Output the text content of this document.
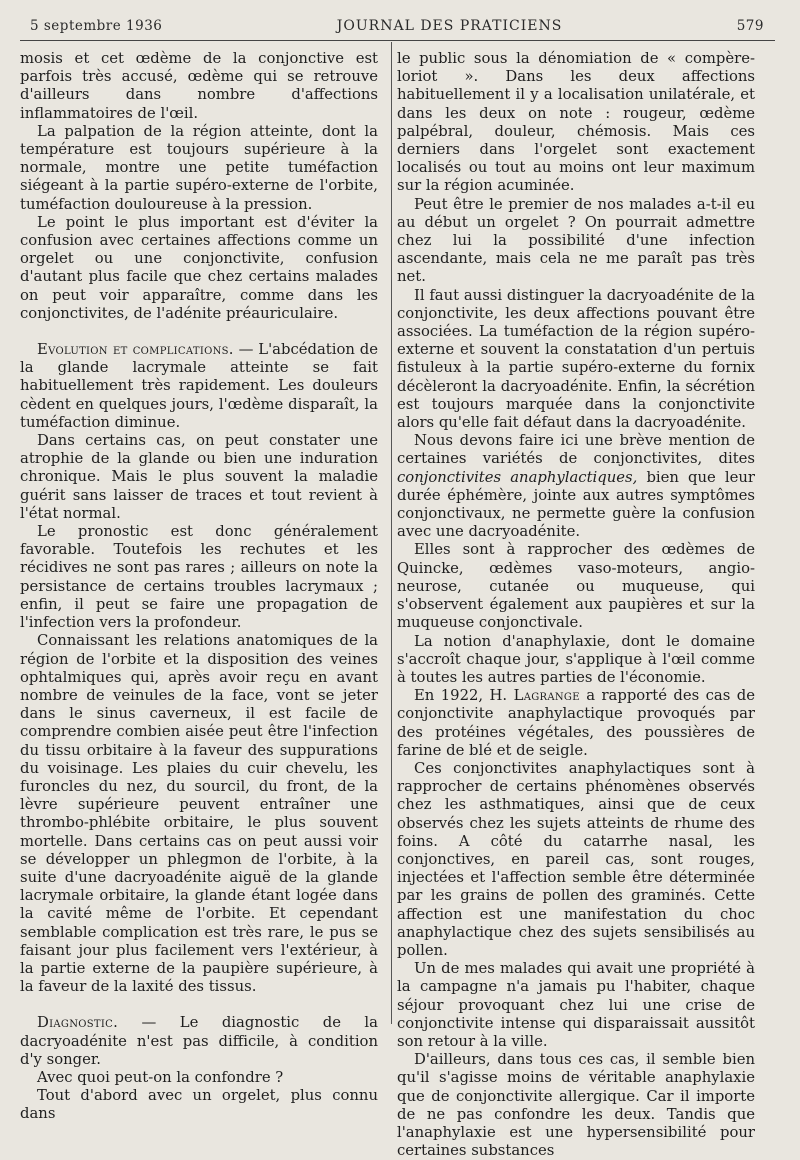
5 septembre 1936	JOURNAL DES PRATICIENS	579

mosis et cet œdème de la conjonctive est parfois très accusé, œdème qui se retrouve d'ailleurs dans nombre d'affections inflammatoires de l'œil.

La palpation de la région atteinte, dont la température est toujours supérieure à la normale, montre une petite tuméfaction siégeant à la partie supéro-externe de l'orbite, tuméfaction douloureuse à la pression.

Le point le plus important est d'éviter la confusion avec certaines affections comme un orgelet ou une conjonctivite, confusion d'autant plus facile que chez certains malades on peut voir apparaître, comme dans les conjonctivites, de l'adénite préauriculaire.

Evolution et complications. — L'abcédation de la glande lacrymale atteinte se fait habituellement très rapidement. Les douleurs cèdent en quelques jours, l'œdème disparaît, la tuméfaction diminue.

Dans certains cas, on peut constater une atrophie de la glande ou bien une induration chronique. Mais le plus souvent la maladie guérit sans laisser de traces et tout revient à l'état normal.

Le pronostic est donc généralement favorable. Toutefois les rechutes et les récidives ne sont pas rares ; ailleurs on note la persistance de certains troubles lacrymaux ; enfin, il peut se faire une propagation de l'infection vers la profondeur.

Connaissant les relations anatomiques de la région de l'orbite et la disposition des veines ophtalmiques qui, après avoir reçu en avant nombre de veinules de la face, vont se jeter dans le sinus caverneux, il est facile de comprendre combien aisée peut être l'infection du tissu orbitaire à la faveur des suppurations du voisinage. Les plaies du cuir chevelu, les furoncles du nez, du sourcil, du front, de la lèvre supérieure peuvent entraîner une thrombo-phlébite orbitaire, le plus souvent mortelle. Dans certains cas on peut aussi voir se développer un phlegmon de l'orbite, à la suite d'une dacryoadénite aiguë de la glande lacrymale orbitaire, la glande étant logée dans la cavité même de l'orbite. Et cependant semblable complication est très rare, le pus se faisant jour plus facilement vers l'extérieur, à la partie externe de la paupière supérieure, à la faveur de la laxité des tissus.

Diagnostic. — Le diagnostic de la dacryoadénite n'est pas difficile, à condition d'y songer.

Avec quoi peut-on la confondre ?

Tout d'abord avec un orgelet, plus connu dans

le public sous la dénomiation de « compère-loriot ». Dans les deux affections habituellement il y a localisation unilatérale, et dans les deux on note : rougeur, œdème palpébral, douleur, chémosis. Mais ces derniers dans l'orgelet sont exactement localisés ou tout au moins ont leur maximum sur la région acuminée.

Peut être le premier de nos malades a-t-il eu au début un orgelet ? On pourrait admettre chez lui la possibilité d'une infection ascendante, mais cela ne me paraît pas très net.

Il faut aussi distinguer la dacryoadénite de la conjonctivite, les deux affections pouvant être associées. La tuméfaction de la région supéro-externe et souvent la constatation d'un pertuis fistuleux à la partie supéro-externe du fornix décèleront la dacryoadénite. Enfin, la sécrétion est toujours marquée dans la conjonctivite alors qu'elle fait défaut dans la dacryoadénite.

Nous devons faire ici une brève mention de certaines variétés de conjonctivites, dites conjonctivites anaphylactiques, bien que leur durée éphémère, jointe aux autres symptômes conjonctivaux, ne permette guère la confusion avec une dacryoadénite.

Elles sont à rapprocher des œdèmes de Quincke, œdèmes vaso-moteurs, angio-neurose, cutanée ou muqueuse, qui s'observent également aux paupières et sur la muqueuse conjonctivale.

La notion d'anaphylaxie, dont le domaine s'accroît chaque jour, s'applique à l'œil comme à toutes les autres parties de l'économie.

En 1922, H. Lagrange a rapporté des cas de conjonctivite anaphylactique provoqués par des protéines végétales, des poussières de farine de blé et de seigle.

Ces conjonctivites anaphylactiques sont à rapprocher de certains phénomènes observés chez les asthmatiques, ainsi que de ceux observés chez les sujets atteints de rhume des foins. A côté du catarrhe nasal, les conjonctives, en pareil cas, sont rouges, injectées et l'affection semble être déterminée par les grains de pollen des graminés. Cette affection est une manifestation du choc anaphylactique chez des sujets sensibilisés au pollen.

Un de mes malades qui avait une propriété à la campagne n'a jamais pu l'habiter, chaque séjour provoquant chez lui une crise de conjonctivite intense qui disparaissait aussitôt son retour à la ville.

D'ailleurs, dans tous ces cas, il semble bien qu'il s'agisse moins de véritable anaphylaxie que de conjonctivite allergique. Car il importe de ne pas confondre les deux. Tandis que l'anaphylaxie est une hypersensibilité pour certaines substances
